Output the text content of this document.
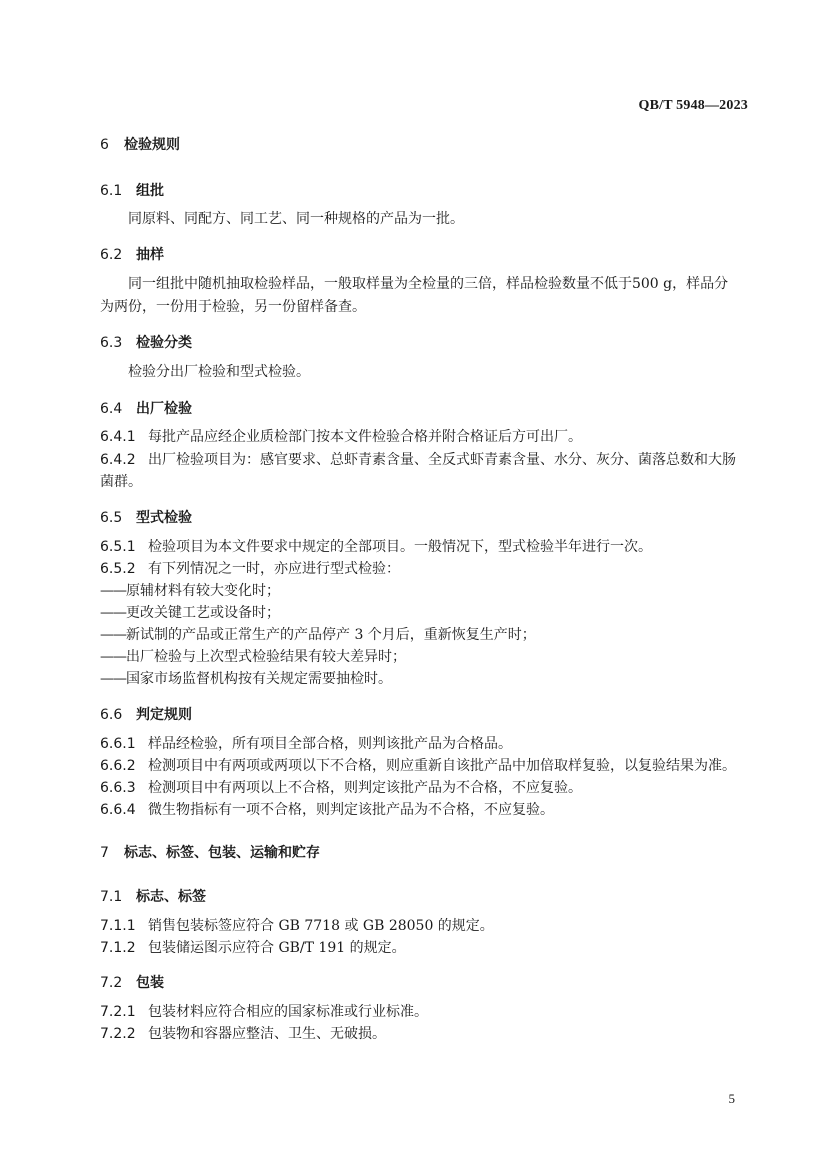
QB/T 5948—2023
6 检验规则
6.1 组批
同原料、同配方、同工艺、同一种规格的产品为一批。
6.2 抽样
同一组批中随机抽取检验样品，一般取样量为全检量的三倍，样品检验数量不低于500 g，样品分
为两份，一份用于检验，另一份留样备查。
6.3 检验分类
检验分出厂检验和型式检验。
6.4 出厂检验
6.4.1 每批产品应经企业质检部门按本文件检验合格并附合格证后方可出厂。
6.4.2 出厂检验项目为：感官要求、总虾青素含量、全反式虾青素含量、水分、灰分、菌落总数和大肠
菌群。
6.5 型式检验
6.5.1 检验项目为本文件要求中规定的全部项目。一般情况下，型式检验半年进行一次。
6.5.2 有下列情况之一时，亦应进行型式检验：
——原辅材料有较大变化时；
——更改关键工艺或设备时；
——新试制的产品或正常生产的产品停产 3 个月后，重新恢复生产时；
——出厂检验与上次型式检验结果有较大差异时；
——国家市场监督机构按有关规定需要抽检时。
6.6 判定规则
6.6.1 样品经检验，所有项目全部合格，则判该批产品为合格品。
6.6.2 检测项目中有两项或两项以下不合格，则应重新自该批产品中加倍取样复验，以复验结果为准。
6.6.3 检测项目中有两项以上不合格，则判定该批产品为不合格，不应复验。
6.6.4 微生物指标有一项不合格，则判定该批产品为不合格，不应复验。
7 标志、标签、包装、运输和贮存
7.1 标志、标签
7.1.1 销售包装标签应符合 GB 7718 或 GB 28050 的规定。
7.1.2 包装储运图示应符合 GB/T 191 的规定。
7.2 包装
7.2.1 包装材料应符合相应的国家标准或行业标准。
7.2.2 包装物和容器应整洁、卫生、无破损。
5
